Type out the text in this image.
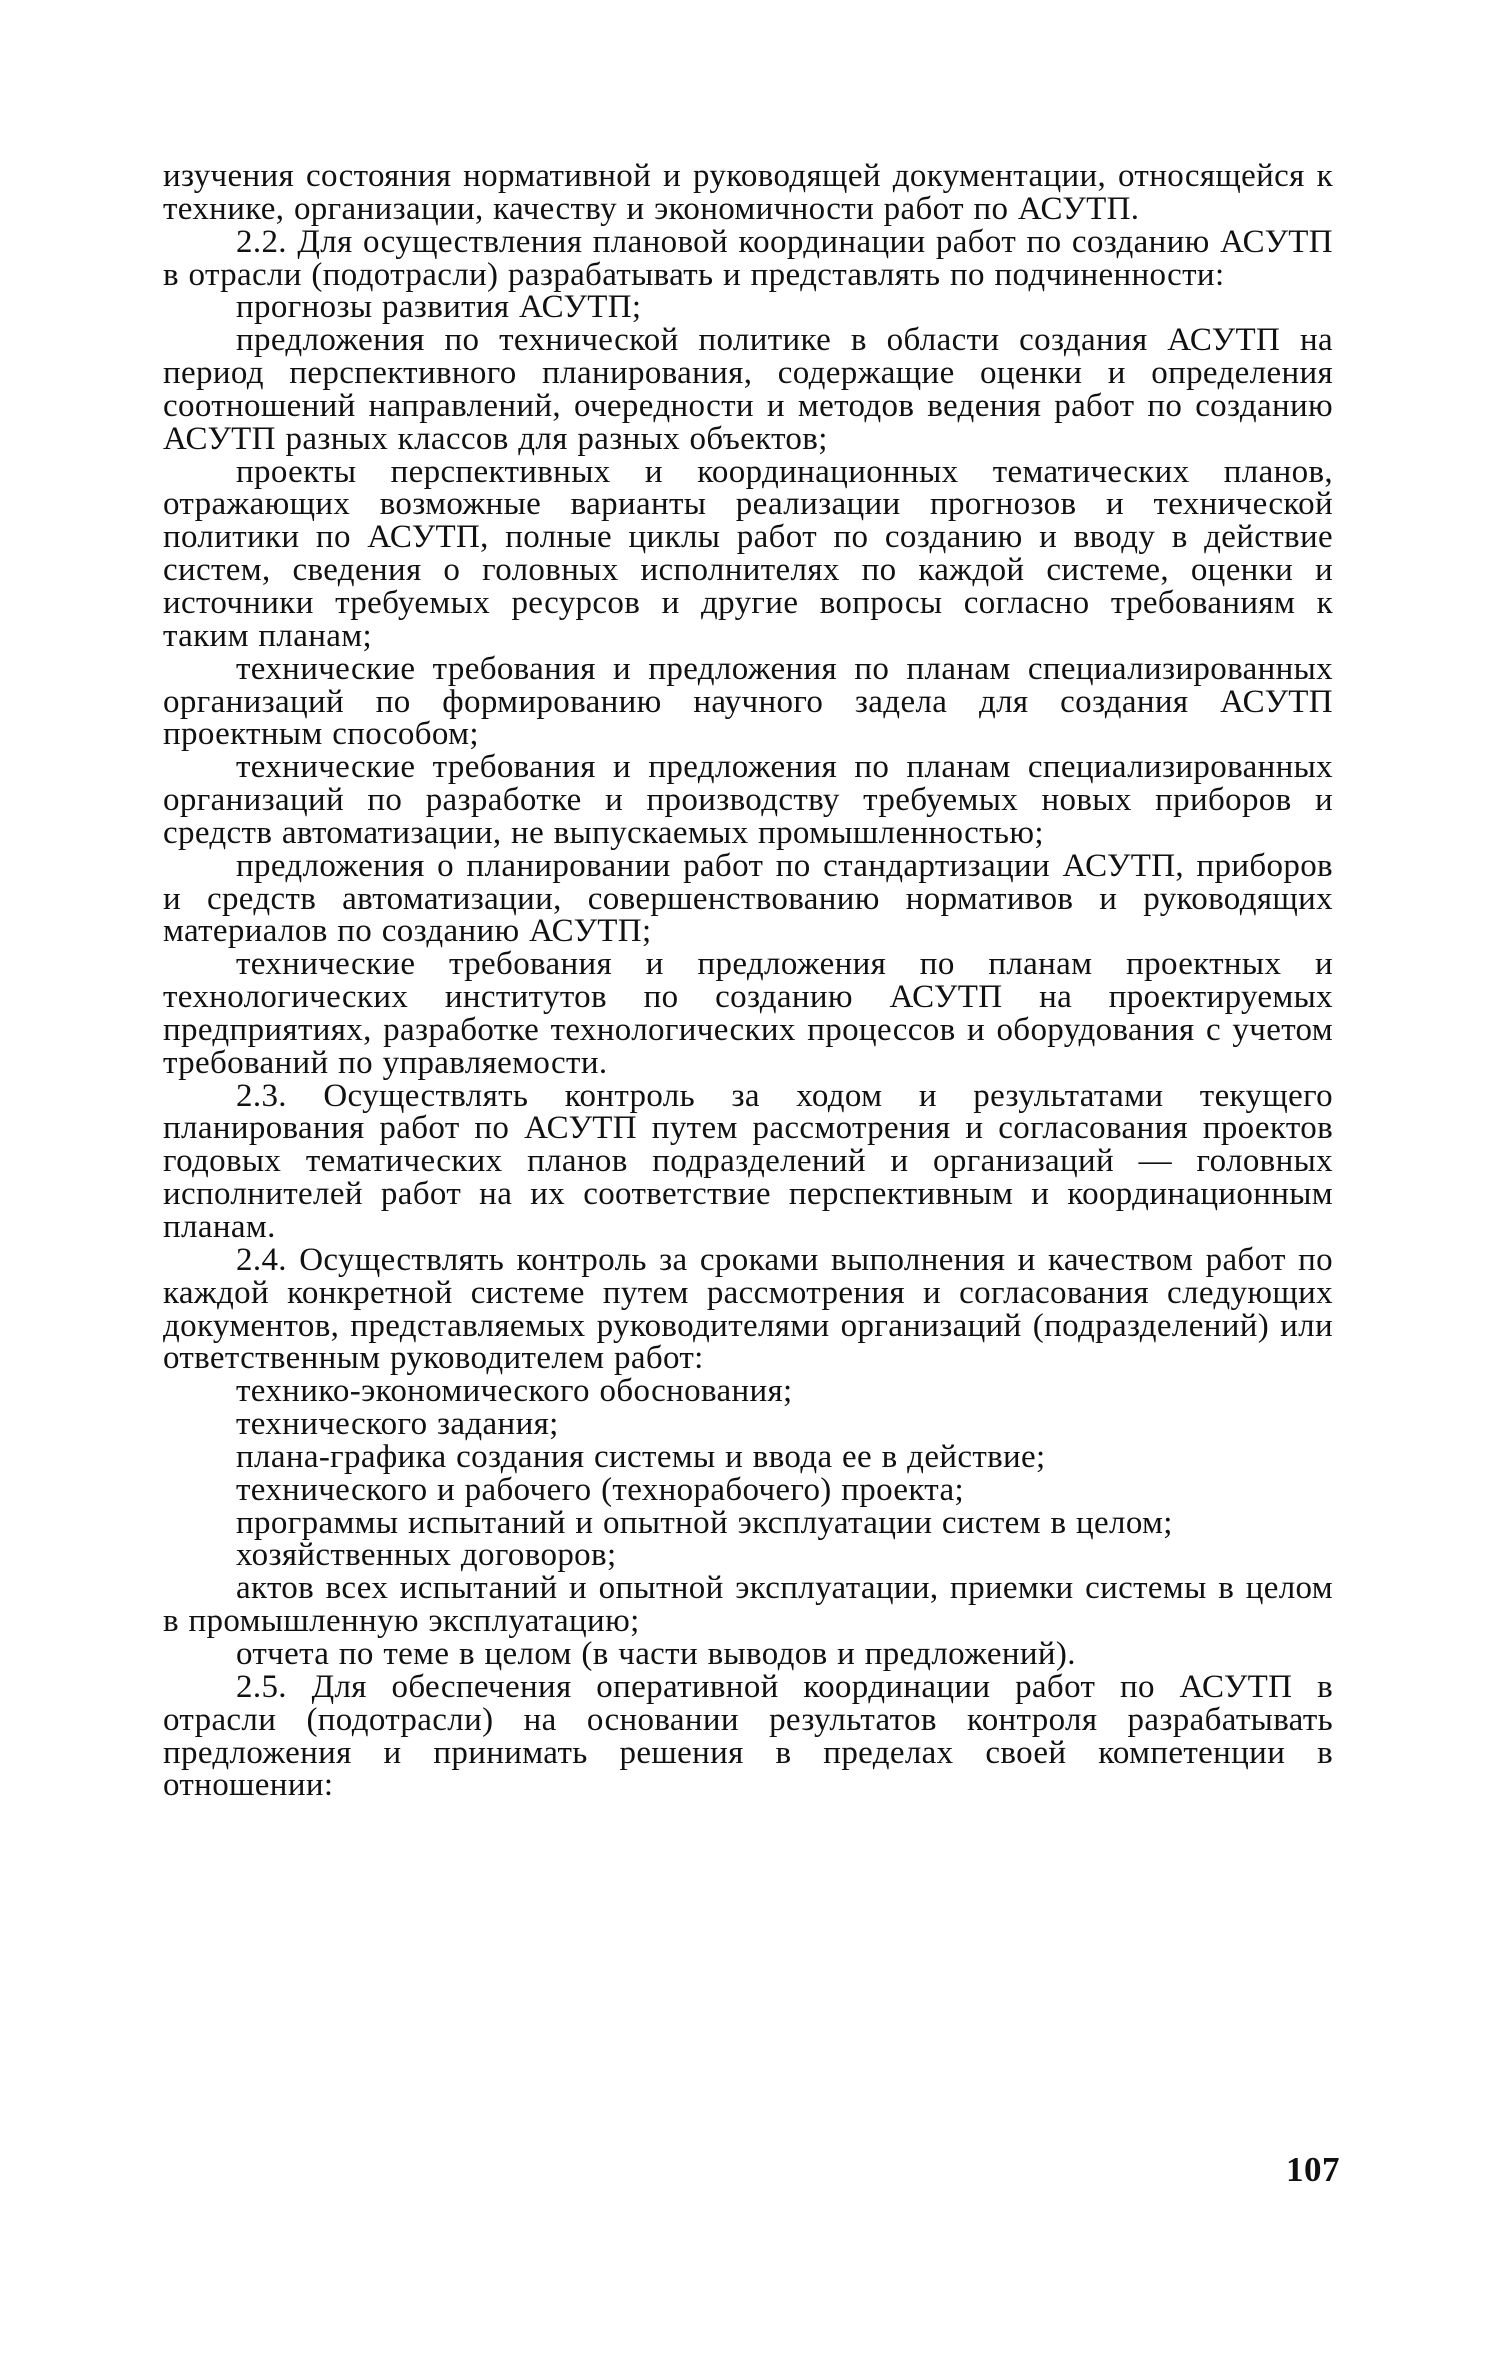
изучения состояния нормативной и руководящей документации, относящейся к технике, организации, качеству и экономичности работ по АСУТП.

2.2. Для осуществления плановой координации работ по созданию АСУТП в отрасли (подотрасли) разрабатывать и представлять по подчиненности:

прогнозы развития АСУТП;

предложения по технической политике в области создания АСУТП на период перспективного планирования, содержащие оценки и определения соотношений направлений, очередности и методов ведения работ по созданию АСУТП разных классов для разных объектов;

проекты перспективных и координационных тематических планов, отражающих возможные варианты реализации прогнозов и технической политики по АСУТП, полные циклы работ по созданию и вводу в действие систем, сведения о головных исполнителях по каждой системе, оценки и источники требуемых ресурсов и другие вопросы согласно требованиям к таким планам;

технические требования и предложения по планам специализированных организаций по формированию научного задела для создания АСУТП проектным способом;

технические требования и предложения по планам специализированных организаций по разработке и производству требуемых новых приборов и средств автоматизации, не выпускаемых промышленностью;

предложения о планировании работ по стандартизации АСУТП, приборов и средств автоматизации, совершенствованию нормативов и руководящих материалов по созданию АСУТП;

технические требования и предложения по планам проектных и технологических институтов по созданию АСУТП на проектируемых предприятиях, разработке технологических процессов и оборудования с учетом требований по управляемости.

2.3. Осуществлять контроль за ходом и результатами текущего планирования работ по АСУТП путем рассмотрения и согласования проектов годовых тематических планов подразделений и организаций — головных исполнителей работ на их соответствие перспективным и координационным планам.

2.4. Осуществлять контроль за сроками выполнения и качеством работ по каждой конкретной системе путем рассмотрения и согласования следующих документов, представляемых руководителями организаций (подразделений) или ответственным руководителем работ:

технико-экономического обоснования;

технического задания;

плана-графика создания системы и ввода ее в действие;

технического и рабочего (технорабочего) проекта;

программы испытаний и опытной эксплуатации систем в целом;

хозяйственных договоров;

актов всех испытаний и опытной эксплуатации, приемки системы в целом в промышленную эксплуатацию;

отчета по теме в целом (в части выводов и предложений).

2.5. Для обеспечения оперативной координации работ по АСУТП в отрасли (подотрасли) на основании результатов контроля разрабатывать предложения и принимать решения в пределах своей компетенции в отношении:

107
